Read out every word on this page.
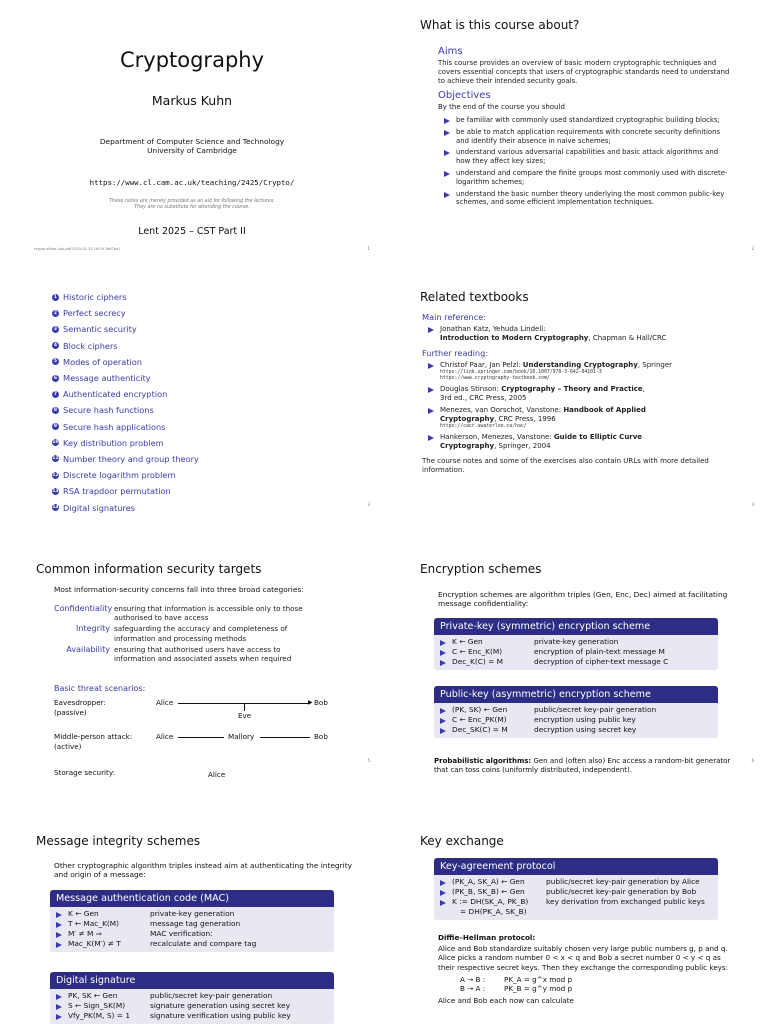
Cryptography
Markus Kuhn
Department of Computer Science and Technology
University of Cambridge
https://www.cl.cam.ac.uk/teaching/2425/Crypto/
These notes are merely provided as an aid for following the lectures.
They are no substitute for attending the course.
Lent 2025 – CST Part II
crypto-slides-4up.pdf 2025-01-31 18:09 2b67ba1	1
What is this course about?
Aims
This course provides an overview of basic modern cryptographic techniques and covers essential concepts that users of cryptographic standards need to understand to achieve their intended security goals.
Objectives
By the end of the course you should
be familiar with commonly used standardized cryptographic building blocks;
be able to match application requirements with concrete security definitions and identify their absence in naive schemes;
understand various adversarial capabilities and basic attack algorithms and how they affect key sizes;
understand and compare the finite groups most commonly used with discrete-logarithm schemes;
understand the basic number theory underlying the most common public-key schemes, and some efficient implementation techniques.
2
1 Historic ciphers
2 Perfect secrecy
3 Semantic security
4 Block ciphers
5 Modes of operation
6 Message authenticity
7 Authenticated encryption
8 Secure hash functions
9 Secure hash applications
10 Key distribution problem
11 Number theory and group theory
12 Discrete logarithm problem
13 RSA trapdoor permutation
14 Digital signatures	3
Related textbooks
Main reference:
Jonathan Katz, Yehuda Lindell:
Introduction to Modern Cryptography, Chapman & Hall/CRC
Further reading:
Christof Paar, Jan Pelzl: Understanding Cryptography, Springer
https://link.springer.com/book/10.1007/978-3-642-04101-3
https://www.cryptography-textbook.com/
Douglas Stinson: Cryptography – Theory and Practice,
3rd ed., CRC Press, 2005
Menezes, van Oorschot, Vanstone: Handbook of Applied
Cryptography, CRC Press, 1996
https://cacr.uwaterloo.ca/hac/
Hankerson, Menezes, Vanstone: Guide to Elliptic Curve
Cryptography, Springer, 2004
The course notes and some of the exercises also contain URLs with more detailed information.
4
Common information security targets
Most information-security concerns fall into three broad categories:
Confidentiality ensuring that information is accessible only to those authorised to have access
Integrity safeguarding the accuracy and completeness of information and processing methods
Availability ensuring that authorised users have access to information and associated assets when required
Basic threat scenarios:
Eavesdropper:
(passive)
Alice	▶ Bob
Eve
Middle-person attack:
(active)
Alice	Mallory	Bob
Storage security:	Alice
5
Encryption schemes
Encryption schemes are algorithm triples (Gen, Enc, Dec) aimed at facilitating message confidentiality:
Private-key (symmetric) encryption scheme
K ← Gen	private-key generation
C ← Enc_K(M)	encryption of plain-text message M
Dec_K(C) = M	decryption of cipher-text message C
Public-key (asymmetric) encryption scheme
(PK, SK) ← Gen	public/secret key-pair generation
C ← Enc_PK(M)	encryption using public key
Dec_SK(C) = M	decryption using secret key
Probabilistic algorithms: Gen and (often also) Enc access a random-bit generator that can toss coins (uniformly distributed, independent).
6
Message integrity schemes
Other cryptographic algorithm triples instead aim at authenticating the integrity and origin of a message:
Message authentication code (MAC)
K ← Gen	private-key generation
T ← Mac_K(M)	message tag generation
M′ ≠ M ⇒	MAC verification:
Mac_K(M′) ≠ T	recalculate and compare tag
Digital signature
PK, SK ← Gen	public/secret key-pair generation
S ← Sign_SK(M)	signature generation using secret key
Vfy_PK(M, S) = 1	signature verification using public key
Key exchange
Key-agreement protocol
(PK_A, SK_A) ← Gen	public/secret key-pair generation by Alice
(PK_B, SK_B) ← Gen	public/secret key-pair generation by Bob
K := DH(SK_A, PK_B)	key derivation from exchanged public keys
= DH(PK_A, SK_B)
Diffie–Hellman protocol:
Alice and Bob standardize suitably chosen very large public numbers g, p and q. Alice picks a random number 0 < x < q and Bob a secret number 0 < y < q as their respective secret keys. Then they exchange the corresponding public keys:
A → B :	PK_A = g^x mod p
B → A :	PK_B = g^y mod p
Alice and Bob each now can calculate
